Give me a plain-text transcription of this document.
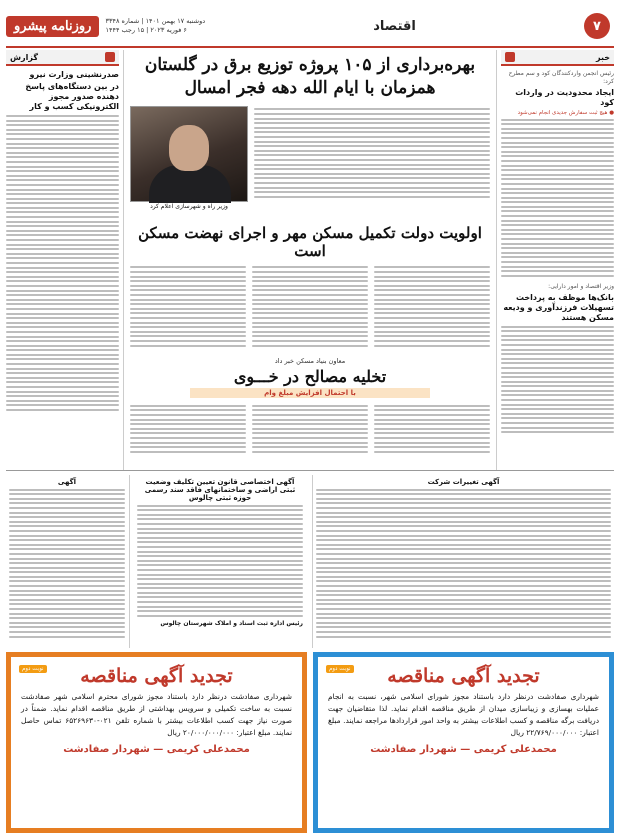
۷
اقتصاد
دوشنبه ۱۷ بهمن ۱۴۰۱ | شماره ۳۳۴۸
۶ فوریه ۲۰۲۳ | ۱۵ رجب ۱۴۴۴
روزنامه پیشرو
خبر
رئیس انجمن واردکنندگان کود و سم مطرح کرد:
ایجاد محدودیت در واردات کود
● هیچ ثبت سفارش جدیدی انجام نمی‌شود
وزیر اقتصاد و امور دارایی:
بانک‌ها موظف به پرداخت تسهیلات فرزندآوری و ودیعه مسکن هستند
گزارش
صدرنشینی وزارت نیرو
در بین دستگاه‌های پاسخ دهنده صدور مجوز الکترونیکی کسب و کار
بهره‌برداری از ۱۰۵ پروژه توزیع برق در گلستان همزمان با ایام الله دهه فجر امسال
وزیر راه و شهرسازی اعلام کرد
اولویت دولت تکمیل مسکن مهر و اجرای نهضت مسکن است
معاون بنیاد مسکن خبر داد
تخلیه مصالح در خـــوی
با احتمال افزایش مبلغ وام
آگهی تغییرات شرکت
آگهی اختصاصی قانون تعیین تکلیف وضعیت ثبتی اراضی و ساختمانهای فاقد سند رسمی حوزه ثبتی چالوس
رئیس اداره ثبت اسناد و املاک شهرستان چالوس
آگهی
نوبت دوم	تجدید آگهی مناقصه
شهرداری صفادشت درنظر دارد باستناد مجوز شورای اسلامی شهر، نسبت به انجام عملیات بهسازی و زیباسازی میدان از طریق مناقصه اقدام نماید. لذا متقاضیان جهت دریافت برگه مناقصه و کسب اطلاعات بیشتر به واحد امور قراردادها مراجعه نمایند. مبلغ اعتبار: ۲۲/۷۶۹/۰۰۰/۰۰۰ ریال
محمدعلی کریمی — شهردار صفادشت
نوبت دوم	تجدید آگهی مناقصه
شهرداری صفادشت درنظر دارد باستناد مجوز شورای محترم اسلامی شهر صفادشت نسبت به ساخت تکمیلی و سرویس بهداشتی از طریق مناقصه اقدام نماید. ضمناً در صورت نیاز جهت کسب اطلاعات بیشتر با شماره تلفن ۰۲۱-۶۵۲۶۹۶۳۰ تماس حاصل نمایند. مبلغ اعتبار: ۲۰/۰۰۰/۰۰۰/۰۰۰ ریال
محمدعلی کریمی — شهردار صفادشت
